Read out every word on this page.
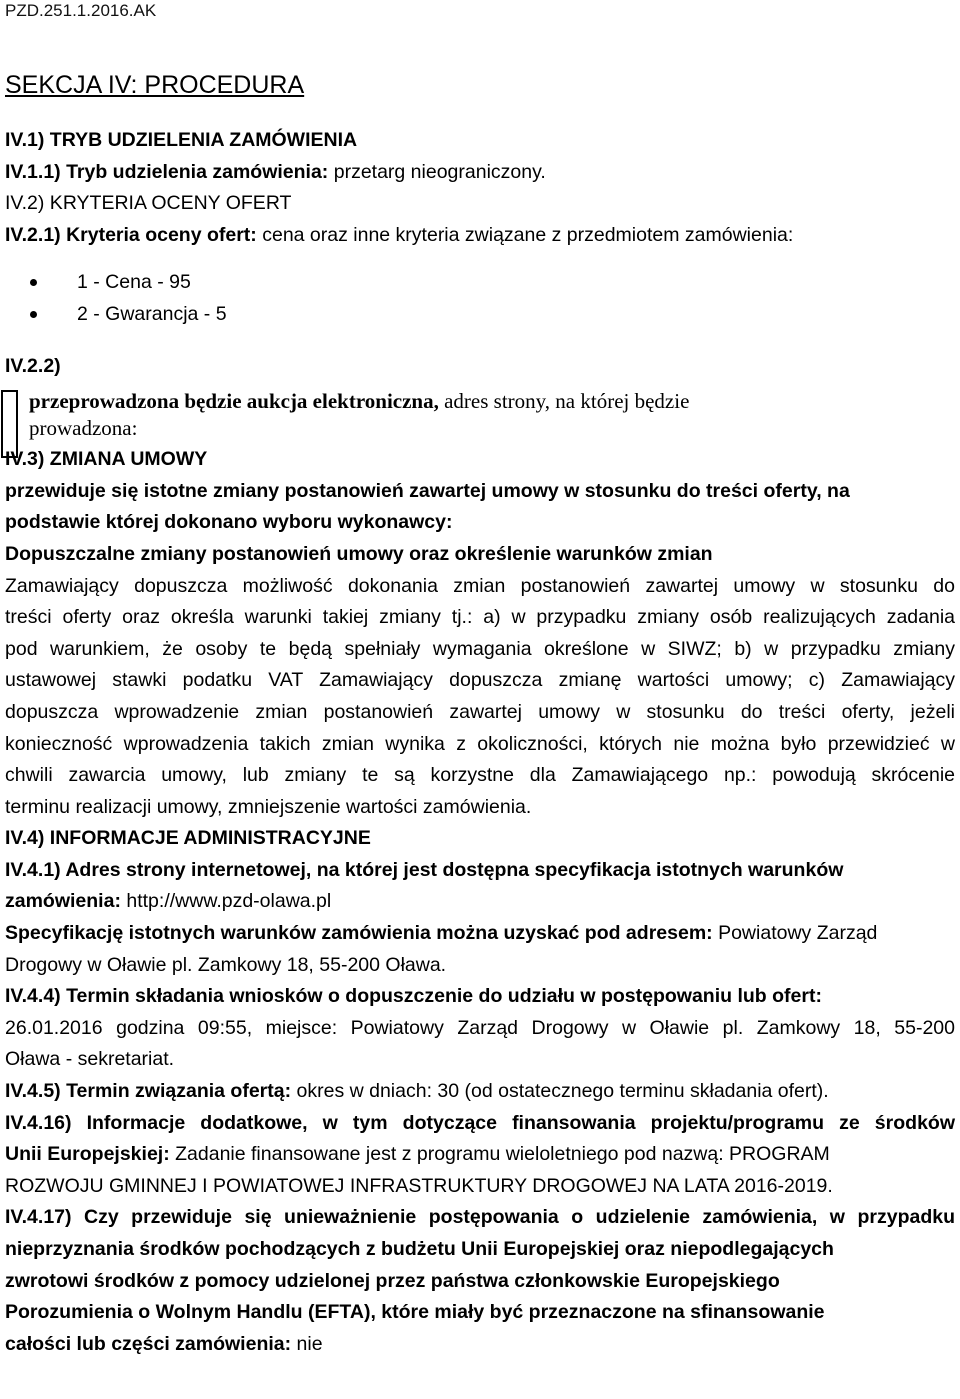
PZD.251.1.2016.AK
SEKCJA IV: PROCEDURA
IV.1) TRYB UDZIELENIA ZAMÓWIENIA
IV.1.1) Tryb udzielenia zamówienia: przetarg nieograniczony.
IV.2) KRYTERIA OCENY OFERT
IV.2.1) Kryteria oceny ofert: cena oraz inne kryteria związane z przedmiotem zamówienia:
1 - Cena - 95
2 - Gwarancja - 5
IV.2.2)
przeprowadzona będzie aukcja elektroniczna, adres strony, na której będzie
prowadzona:
IV.3) ZMIANA UMOWY
przewiduje się istotne zmiany postanowień zawartej umowy w stosunku do treści oferty, na
podstawie której dokonano wyboru wykonawcy:
Dopuszczalne zmiany postanowień umowy oraz określenie warunków zmian
Zamawiający dopuszcza możliwość dokonania zmian postanowień zawartej umowy w stosunku do
treści oferty oraz określa warunki takiej zmiany tj.: a) w przypadku zmiany osób realizujących zadania
pod warunkiem, że osoby te będą spełniały wymagania określone w SIWZ; b) w przypadku zmiany
ustawowej stawki podatku VAT Zamawiający dopuszcza zmianę wartości umowy; c) Zamawiający
dopuszcza wprowadzenie zmian postanowień zawartej umowy w stosunku do treści oferty, jeżeli
konieczność wprowadzenia takich zmian wynika z okoliczności, których nie można było przewidzieć w
chwili zawarcia umowy, lub zmiany te są korzystne dla Zamawiającego np.: powodują skrócenie
terminu realizacji umowy, zmniejszenie wartości zamówienia.
IV.4) INFORMACJE ADMINISTRACYJNE
IV.4.1) Adres strony internetowej, na której jest dostępna specyfikacja istotnych warunków
zamówienia: http://www.pzd-olawa.pl
Specyfikację istotnych warunków zamówienia można uzyskać pod adresem: Powiatowy Zarząd
Drogowy w Oławie pl. Zamkowy 18, 55-200 Oława.
IV.4.4) Termin składania wniosków o dopuszczenie do udziału w postępowaniu lub ofert:
26.01.2016 godzina 09:55, miejsce: Powiatowy Zarząd Drogowy w Oławie pl. Zamkowy 18, 55-200
Oława - sekretariat.
IV.4.5) Termin związania ofertą: okres w dniach: 30 (od ostatecznego terminu składania ofert).
IV.4.16) Informacje dodatkowe, w tym dotyczące finansowania projektu/programu ze środków
Unii Europejskiej: Zadanie finansowane jest z programu wieloletniego pod nazwą: PROGRAM
ROZWOJU GMINNEJ I POWIATOWEJ INFRASTRUKTURY DROGOWEJ NA LATA 2016-2019.
IV.4.17) Czy przewiduje się unieważnienie postępowania o udzielenie zamówienia, w przypadku
nieprzyznania środków pochodzących z budżetu Unii Europejskiej oraz niepodlegających
zwrotowi środków z pomocy udzielonej przez państwa członkowskie Europejskiego
Porozumienia o Wolnym Handlu (EFTA), które miały być przeznaczone na sfinansowanie
całości lub części zamówienia: nie
